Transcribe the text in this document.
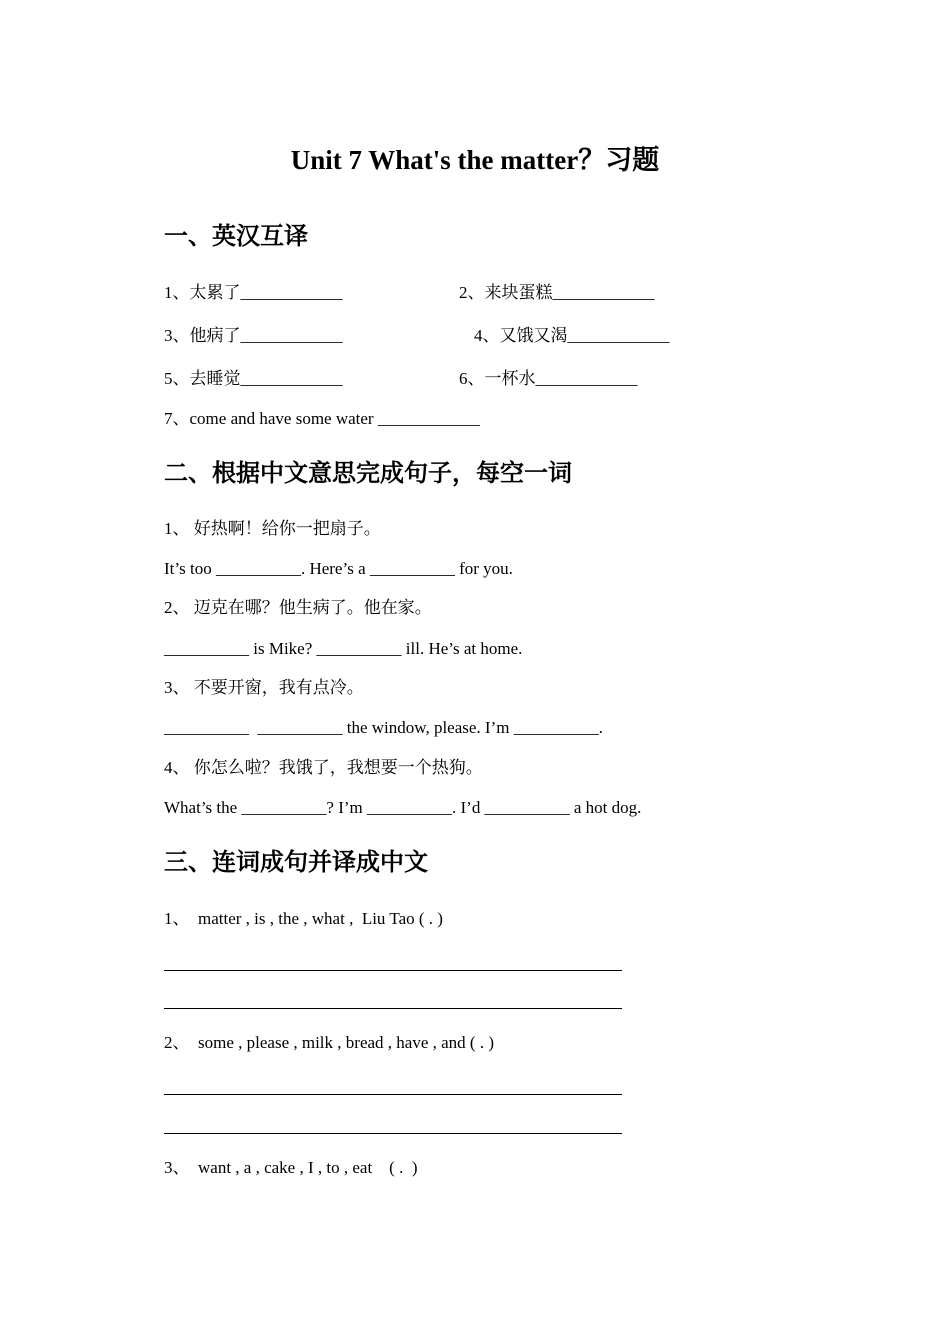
Unit 7 What's the matter？习题
一、英汉互译
1、太累了____________	2、来块蛋糕____________
3、他病了____________	4、又饿又渴____________
5、去睡觉____________	6、一杯水____________
7、come and have some water ____________
二、根据中文意思完成句子，每空一词
1、 好热啊！给你一把扇子。
It’s too __________. Here’s a __________ for you.
2、 迈克在哪？他生病了。他在家。
__________ is Mike? __________ ill. He’s at home.
3、 不要开窗，我有点冷。
__________  __________ the window, please. I’m __________.
4、 你怎么啦？我饿了，我想要一个热狗。
What’s the __________? I’m __________. I’d __________ a hot dog.
三、连词成句并译成中文
1、  matter , is , the , what ,  Liu Tao ( . )
2、  some , please , milk , bread , have , and ( . )
3、  want , a , cake , I , to , eat    ( .  )
